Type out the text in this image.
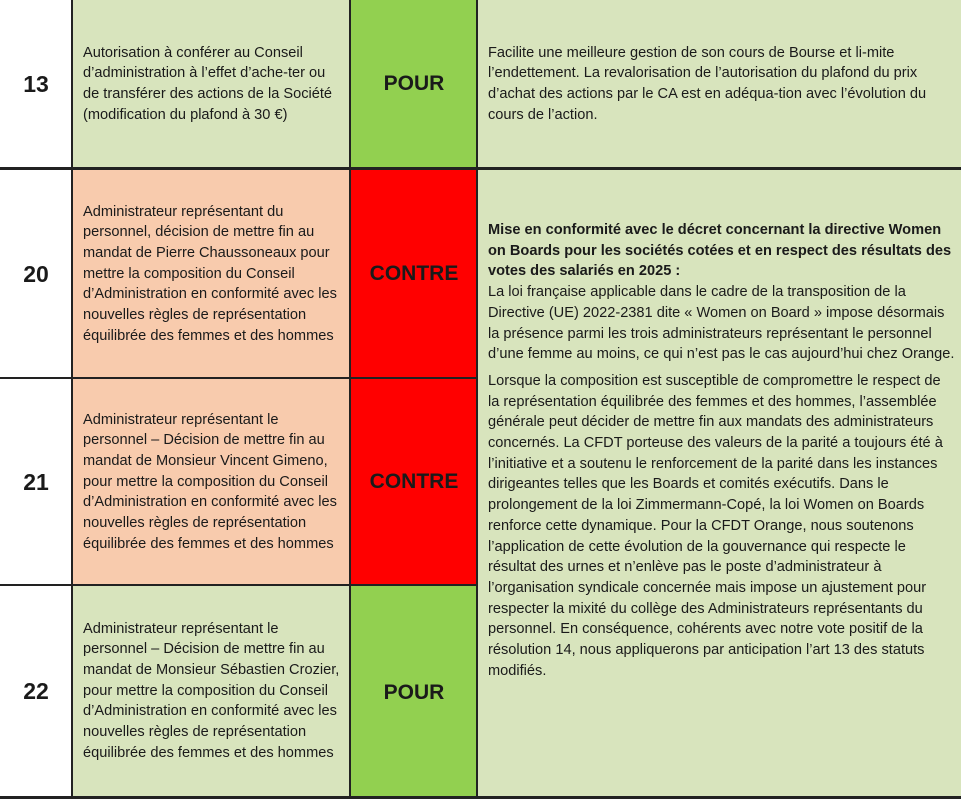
13
Autorisation à conférer au Conseil d’administration à l’effet d’ache-ter ou de transférer des actions de la Société (modification du plafond à 30 €)
POUR
Facilite une meilleure gestion de son cours de Bourse et li-mite l’endettement. La revalorisation de l’autorisation du plafond du prix d’achat des actions par le CA est en adéqua-tion avec l’évolution du cours de l’action.
20
Administrateur représentant du personnel, décision de mettre fin au mandat de Pierre Chaussoneaux pour mettre la composition du Conseil d’Administration en conformité avec les nouvelles règles de représentation équilibrée des femmes et des hommes
CONTRE
21
Administrateur représentant le personnel – Décision de mettre fin au mandat de Monsieur Vincent Gimeno, pour mettre la composition du Conseil d’Administration en conformité avec les nouvelles règles de représentation équilibrée des femmes et des hommes
CONTRE
22
Administrateur représentant le personnel – Décision de mettre fin au mandat de Monsieur Sébastien Crozier, pour mettre la composition du Conseil d’Administration en conformité avec les nouvelles règles de représentation équilibrée des femmes et des hommes
POUR

Mise en conformité avec le décret concernant la directive Women on Boards pour les sociétés cotées et en respect des résultats des votes des salariés en 2025 :

La loi française applicable dans le cadre de la transposition de la Directive (UE) 2022-2381 dite « Women on Board » impose désormais la présence parmi les trois administrateurs représentant le personnel d’une femme au moins, ce qui n’est pas le cas aujourd’hui chez Orange.

Lorsque la composition est susceptible de compromettre le respect de la représentation équilibrée des femmes et des hommes, l’assemblée générale peut décider de mettre fin aux mandats des administrateurs concernés. La CFDT porteuse des valeurs de la parité a toujours été à l’initiative et a soutenu le renforcement de la parité dans les instances dirigeantes telles que les Boards et comités exécutifs. Dans le prolongement de la loi Zimmermann-Copé, la loi Women on Boards renforce cette dynamique. Pour la CFDT Orange, nous soutenons l’application de cette évolution de la gouvernance qui respecte le résultat des urnes et n’enlève pas le poste d’administrateur à l’organisation syndicale concernée mais impose un ajustement pour respecter la mixité du collège des Administrateurs représentants du personnel. En conséquence, cohérents avec notre vote positif de la résolution 14, nous appliquerons par anticipation l’art 13 des statuts modifiés.
